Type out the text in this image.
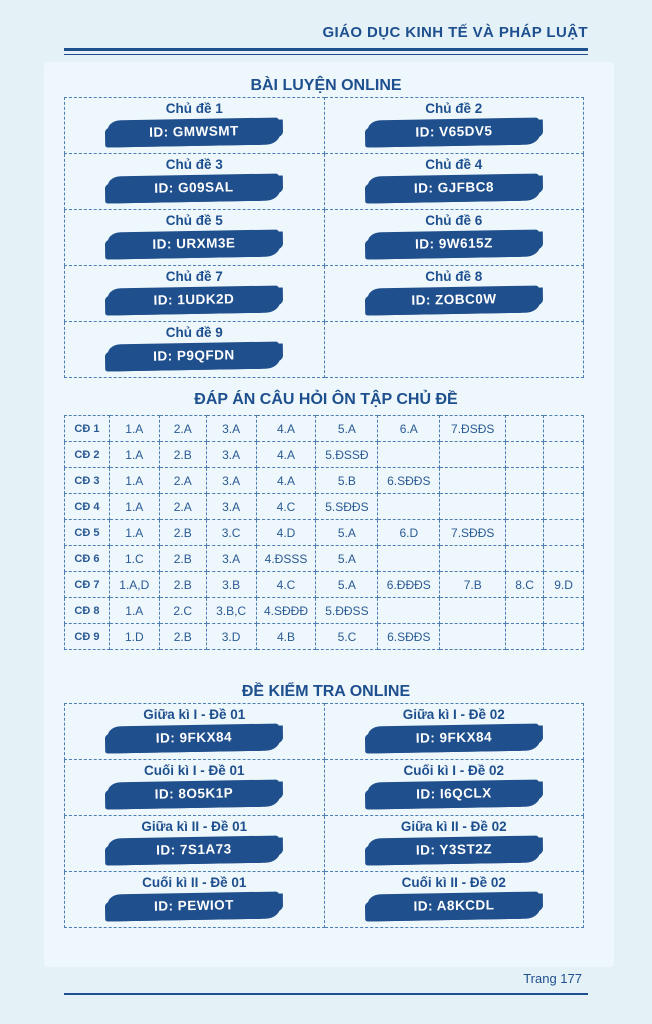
GIÁO DỤC KINH TẾ VÀ PHÁP LUẬT
BÀI LUYỆN ONLINE
Chủ đề 1
ID: GMWSMT	Chủ đề 2
ID: V65DV5

Chủ đề 3
ID: G09SAL	Chủ đề 4
ID: GJFBC8

Chủ đề 5
ID: URXM3E	Chủ đề 6
ID: 9W615Z

Chủ đề 7
ID: 1UDK2D	Chủ đề 8
ID: ZOBC0W

Chủ đề 9
ID: P9QFDN	

ĐÁP ÁN CÂU HỎI ÔN TẬP CHỦ ĐỀ
CĐ 1	1.A	2.A	3.A	4.A	5.A	6.A	7.ĐSĐS		
CĐ 2	1.A	2.B	3.A	4.A	5.ĐSSĐ				
CĐ 3	1.A	2.A	3.A	4.A	5.B	6.SĐĐS			
CĐ 4	1.A	2.A	3.A	4.C	5.SĐĐS				
CĐ 5	1.A	2.B	3.C	4.D	5.A	6.D	7.SĐĐS		
CĐ 6	1.C	2.B	3.A	4.ĐSSS	5.A				
CĐ 7	1.A,D	2.B	3.B	4.C	5.A	6.ĐĐĐS	7.B	8.C	9.D
CĐ 8	1.A	2.C	3.B,C	4.SĐĐĐ	5.ĐĐSS				
CĐ 9	1.D	2.B	3.D	4.B	5.C	6.SĐĐS			
ĐỀ KIỂM TRA ONLINE
Giữa kì I - Đề 01
ID: 9FKX84	Giữa kì I - Đề 02
ID: 9FKX84

Cuối kì I - Đề 01
ID: 8O5K1P	Cuối kì I - Đề 02
ID: I6QCLX

Giữa kì II - Đề 01
ID: 7S1A73	Giữa kì II - Đề 02
ID: Y3ST2Z

Cuối kì II - Đề 01
ID: PEWIOT	Cuối kì II - Đề 02
ID: A8KCDL
Trang 177
